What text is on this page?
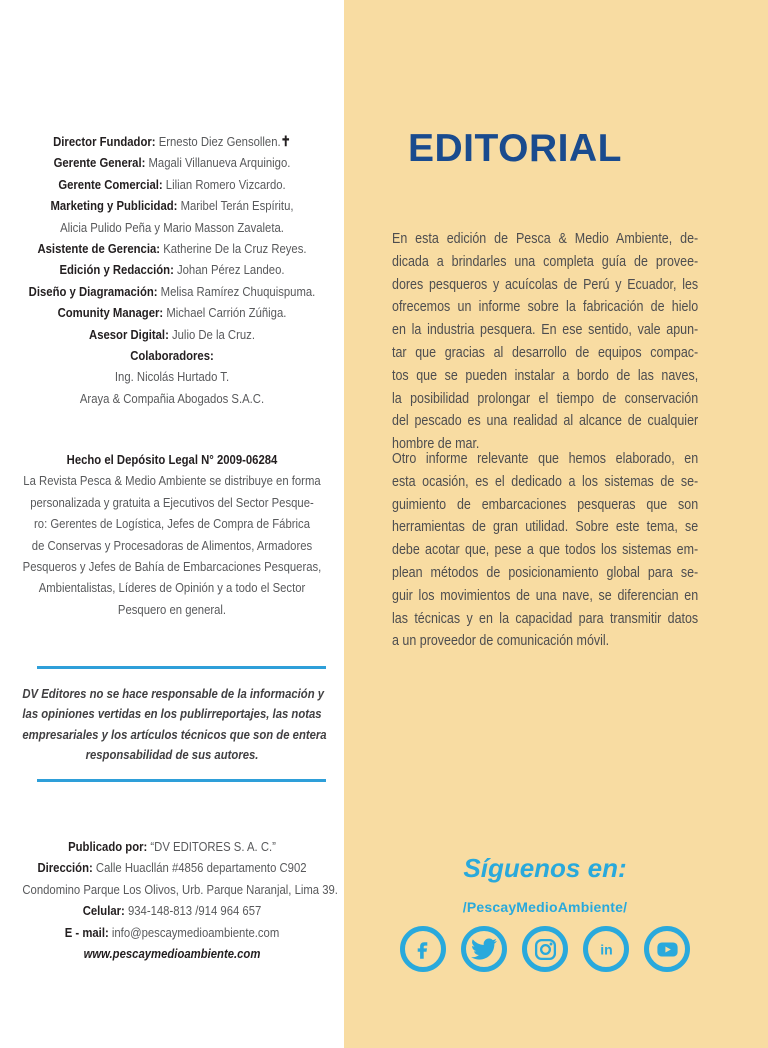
Director Fundador: Ernesto Diez Gensollen.✝
Gerente General: Magali Villanueva Arquinigo.
Gerente Comercial: Lilian Romero Vizcardo.
Marketing y Publicidad: Maribel Terán Espíritu,
Alicia Pulido Peña y Mario Masson Zavaleta.
Asistente de Gerencia: Katherine De la Cruz Reyes.
Edición y Redacción: Johan Pérez Landeo.
Diseño y Diagramación: Melisa Ramírez Chuquispuma.
Comunity Manager: Michael Carrión Zúñiga.
Asesor Digital: Julio De la Cruz.
Colaboradores:
Ing. Nicolás Hurtado T.
Araya & Compañia Abogados S.A.C.
Hecho el Depósito Legal N° 2009-06284
La Revista Pesca & Medio Ambiente se distribuye en forma
personalizada y gratuita a Ejecutivos del Sector Pesque-
ro: Gerentes de Logística, Jefes de Compra de Fábrica
de Conservas y Procesadoras de Alimentos, Armadores
Pesqueros y Jefes de Bahía de Embarcaciones Pesqueras,
Ambientalistas, Líderes de Opinión y a todo el Sector
Pesquero en general.
DV Editores no se hace responsable de la información y
las opiniones vertidas en los publirreportajes, las notas
empresariales y los artículos técnicos que son de entera
responsabilidad de sus autores.
Publicado por: “DV EDITORES S. A. C.”
Dirección: Calle Huacllán #4856 departamento C902
Condomino Parque Los Olivos, Urb. Parque Naranjal, Lima 39.
Celular: 934-148-813 /914 964 657
E - mail: info@pescaymedioambiente.com
www.pescaymedioambiente.com
EDITORIAL
En esta edición de Pesca & Medio Ambiente, de-
dicada a brindarles una completa guía de provee-
dores pesqueros y acuícolas de Perú y Ecuador, les
ofrecemos un informe sobre la fabricación de hielo
en la industria pesquera. En ese sentido, vale apun-
tar que gracias al desarrollo de equipos compac-
tos que se pueden instalar a bordo de las naves,
la posibilidad prolongar el tiempo de conservación
del pescado es una realidad al alcance de cualquier
hombre de mar.
Otro informe relevante que hemos elaborado, en
esta ocasión, es el dedicado a los sistemas de se-
guimiento de embarcaciones pesqueras que son
herramientas de gran utilidad. Sobre este tema, se
debe acotar que, pese a que todos los sistemas em-
plean métodos de posicionamiento global para se-
guir los movimientos de una nave, se diferencian en
las técnicas y en la capacidad para transmitir datos
a un proveedor de comunicación móvil.
Síguenos en:
/PescayMedioAmbiente/
in
